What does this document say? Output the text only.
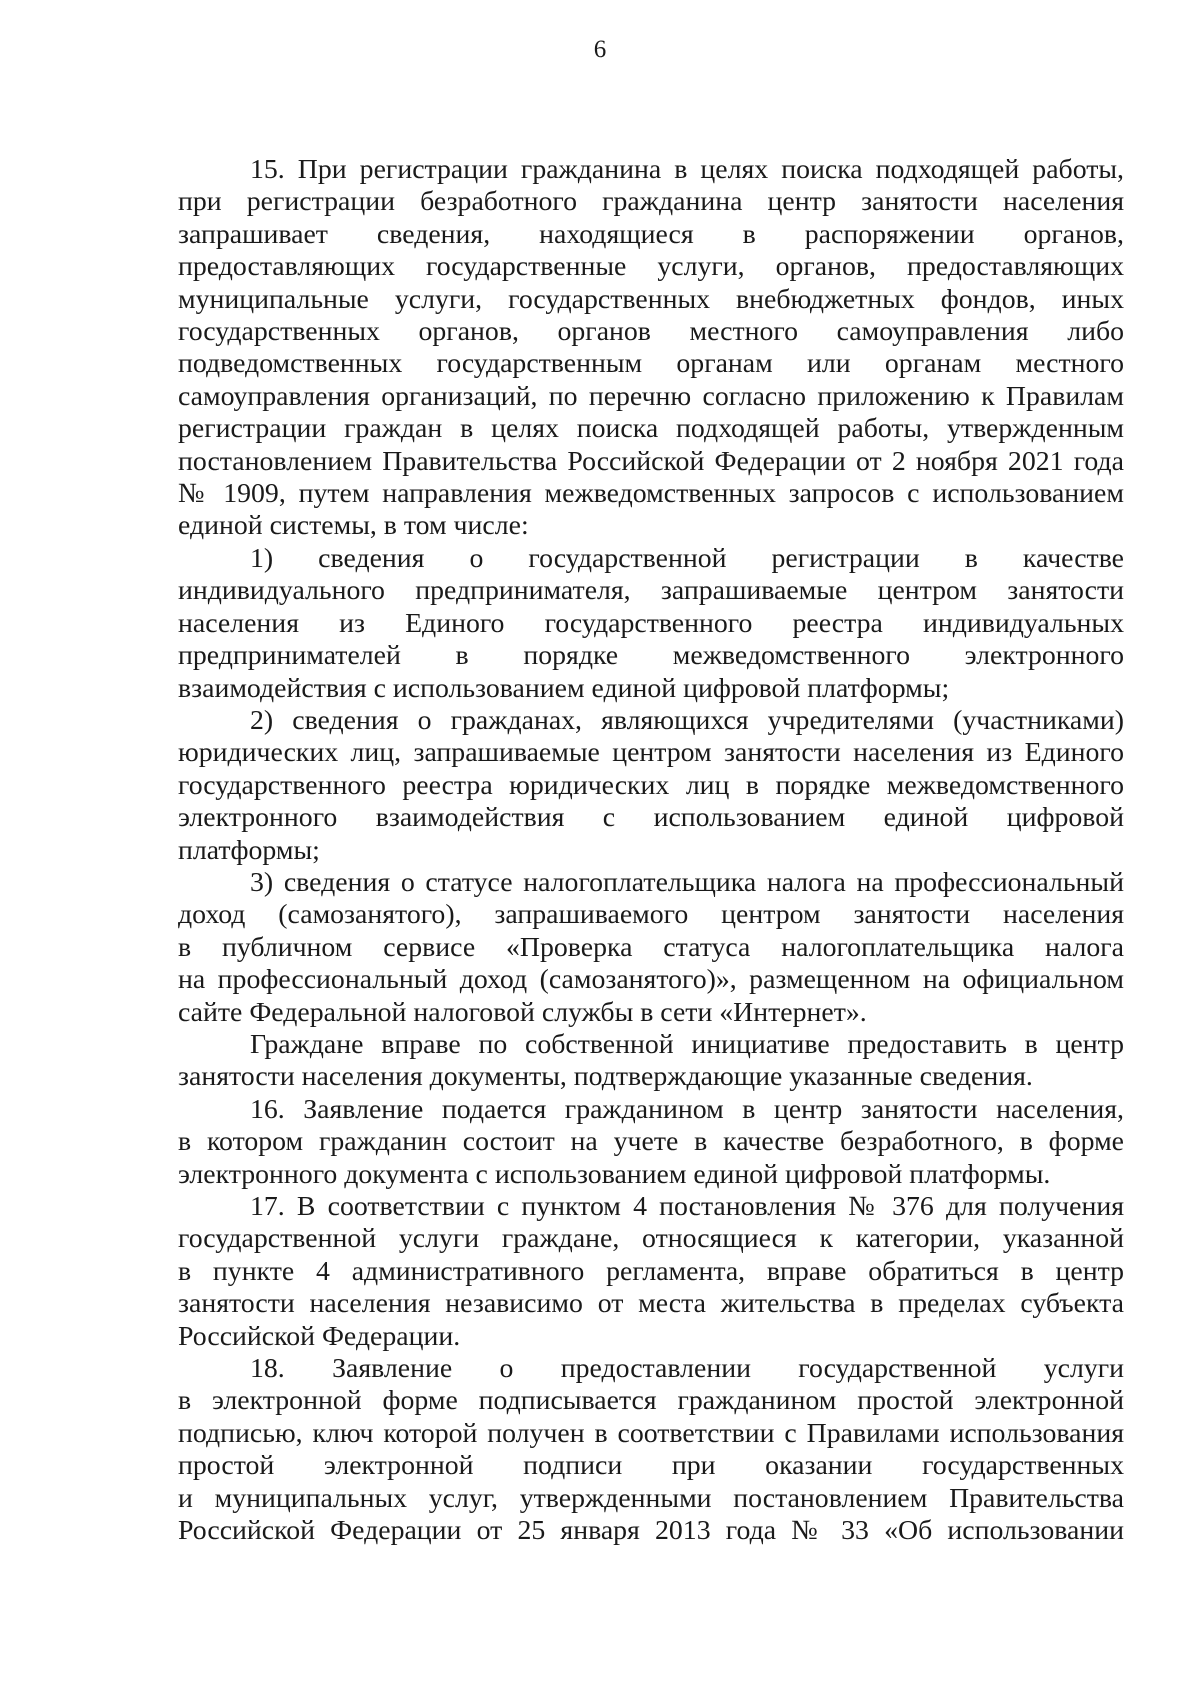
6
15. При регистрации гражданина в целях поиска подходящей работы,
при регистрации безработного гражданина центр занятости населения
запрашивает сведения, находящиеся в распоряжении органов,
предоставляющих государственные услуги, органов, предоставляющих
муниципальные услуги, государственных внебюджетных фондов, иных
государственных органов, органов местного самоуправления либо
подведомственных государственным органам или органам местного
самоуправления организаций, по перечню согласно приложению к Правилам
регистрации граждан в целях поиска подходящей работы, утвержденным
постановлением Правительства Российской Федерации от 2 ноября 2021 года
№ 1909, путем направления межведомственных запросов с использованием
единой системы, в том числе:
1) сведения о государственной регистрации в качестве
индивидуального предпринимателя, запрашиваемые центром занятости
населения из Единого государственного реестра индивидуальных
предпринимателей в порядке межведомственного электронного
взаимодействия с использованием единой цифровой платформы;
2) сведения о гражданах, являющихся учредителями (участниками)
юридических лиц, запрашиваемые центром занятости населения из Единого
государственного реестра юридических лиц в порядке межведомственного
электронного взаимодействия с использованием единой цифровой
платформы;
3) сведения о статусе налогоплательщика налога на профессиональный
доход (самозанятого), запрашиваемого центром занятости населения
в публичном сервисе «Проверка статуса налогоплательщика налога
на профессиональный доход (самозанятого)», размещенном на официальном
сайте Федеральной налоговой службы в сети «Интернет».
Граждане вправе по собственной инициативе предоставить в центр
занятости населения документы, подтверждающие указанные сведения.
16. Заявление подается гражданином в центр занятости населения,
в котором гражданин состоит на учете в качестве безработного, в форме
электронного документа с использованием единой цифровой платформы.
17. В соответствии с пунктом 4 постановления № 376 для получения
государственной услуги граждане, относящиеся к категории, указанной
в пункте 4 административного регламента, вправе обратиться в центр
занятости населения независимо от места жительства в пределах субъекта
Российской Федерации.
18. Заявление о предоставлении государственной услуги
в электронной форме подписывается гражданином простой электронной
подписью, ключ которой получен в соответствии с Правилами использования
простой электронной подписи при оказании государственных
и муниципальных услуг, утвержденными постановлением Правительства
Российской Федерации от 25 января 2013 года № 33 «Об использовании
